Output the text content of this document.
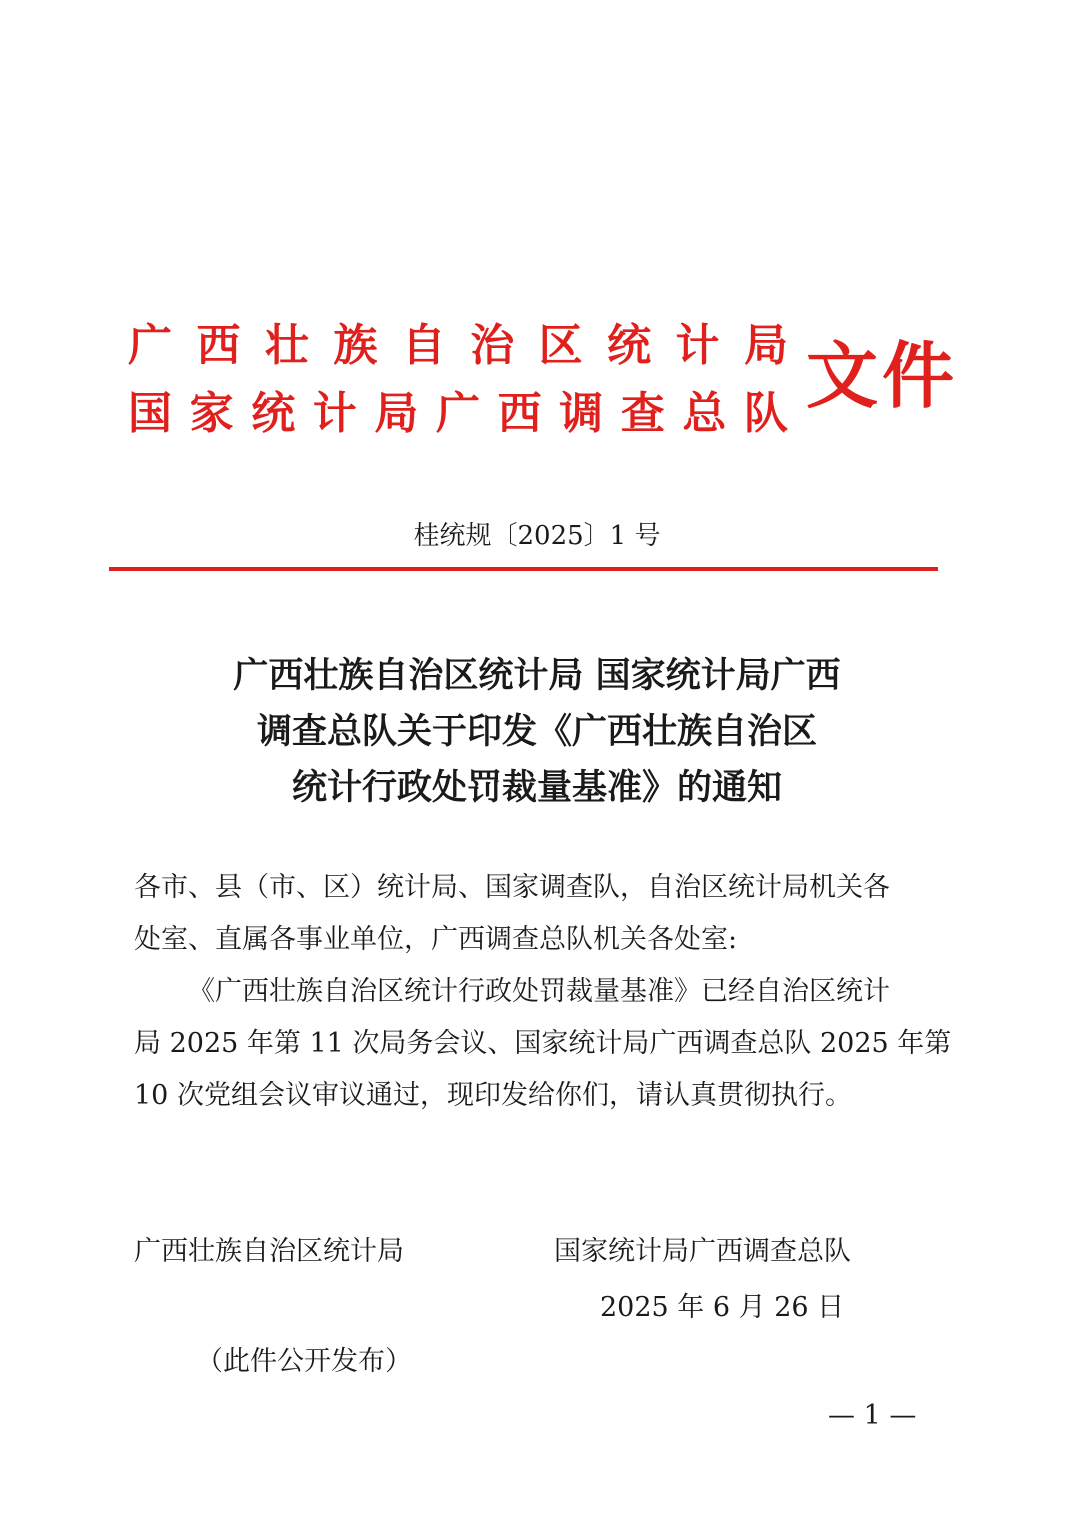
广 西 壮 族 自 治 区 统 计 局
国 家 统 计 局 广 西 调 查 总 队 文件
桂统规〔2025〕1 号
广西壮族自治区统计局 国家统计局广西
调查总队关于印发《广西壮族自治区
统计行政处罚裁量基准》的通知
各市、县（市、区）统计局、国家调查队，自治区统计局机关各
处室、直属各事业单位，广西调查总队机关各处室:
《广西壮族自治区统计行政处罚裁量基准》已经自治区统计
局 2025 年第 11 次局务会议、国家统计局广西调查总队 2025 年第
10 次党组会议审议通过，现印发给你们，请认真贯彻执行。
广西壮族自治区统计局	国家统计局广西调查总队
2025 年 6 月 26 日
（此件公开发布）
— 1 —
